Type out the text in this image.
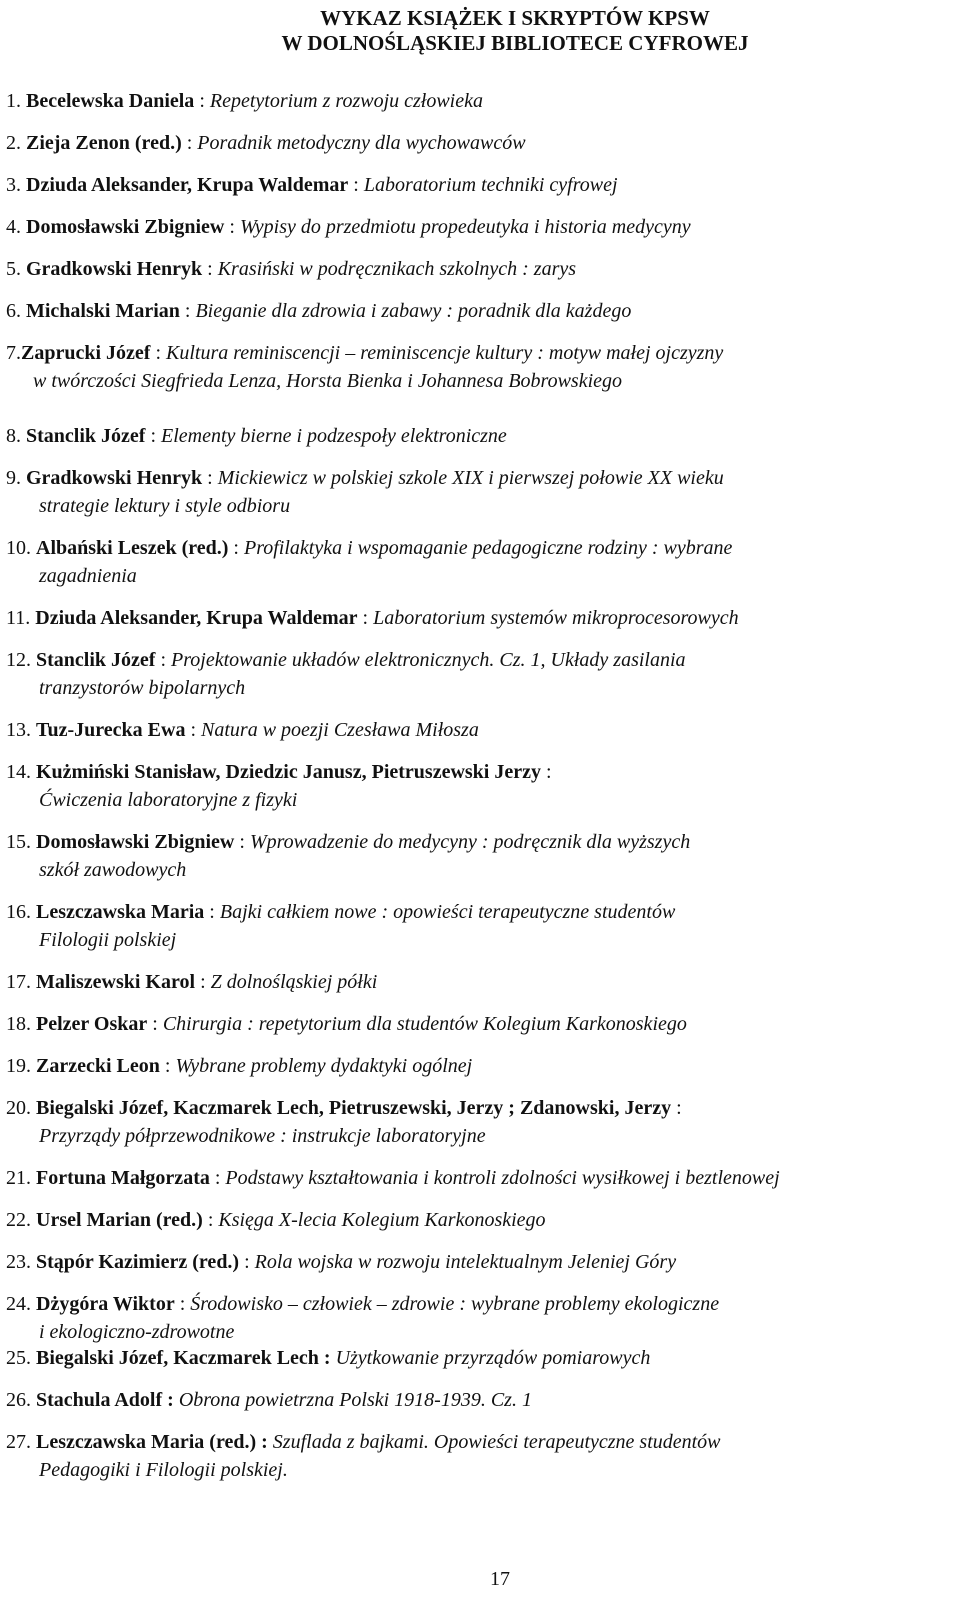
WYKAZ KSIĄŻEK I SKRYPTÓW KPSW
W DOLNOŚLĄSKIEJ BIBLIOTECE CYFROWEJ
1. Becelewska Daniela : Repetytorium z rozwoju człowieka
2. Zieja Zenon (red.) : Poradnik metodyczny dla wychowawców
3. Dziuda Aleksander, Krupa Waldemar : Laboratorium techniki cyfrowej
4. Domosławski Zbigniew : Wypisy do przedmiotu propedeutyka i historia medycyny
5. Gradkowski Henryk : Krasiński w podręcznikach szkolnych : zarys
6. Michalski Marian : Bieganie dla zdrowia i zabawy : poradnik dla każdego
7.Zaprucki Józef : Kultura reminiscencji – reminiscencje kultury : motyw małej ojczyzny
w twórczości Siegfrieda Lenza, Horsta Bienka i Johannesa Bobrowskiego
8. Stanclik Józef : Elementy bierne i podzespoły elektroniczne
9. Gradkowski Henryk : Mickiewicz w polskiej szkole XIX i pierwszej połowie XX wieku
strategie lektury i style odbioru
10. Albański Leszek (red.) : Profilaktyka i wspomaganie pedagogiczne rodziny : wybrane
zagadnienia
11. Dziuda Aleksander, Krupa Waldemar : Laboratorium systemów mikroprocesorowych
12. Stanclik Józef : Projektowanie układów elektronicznych. Cz. 1, Układy zasilania
tranzystorów bipolarnych
13. Tuz-Jurecka Ewa : Natura w poezji Czesława Miłosza
14. Kużmiński Stanisław, Dziedzic Janusz, Pietruszewski Jerzy :
Ćwiczenia laboratoryjne z fizyki
15. Domosławski Zbigniew : Wprowadzenie do medycyny : podręcznik dla wyższych
szkół zawodowych
16. Leszczawska Maria : Bajki całkiem nowe : opowieści terapeutyczne studentów
Filologii polskiej
17. Maliszewski Karol : Z dolnośląskiej półki
18. Pelzer Oskar : Chirurgia : repetytorium dla studentów Kolegium Karkonoskiego
19. Zarzecki Leon : Wybrane problemy dydaktyki ogólnej
20. Biegalski Józef, Kaczmarek Lech, Pietruszewski, Jerzy ; Zdanowski, Jerzy :
Przyrządy półprzewodnikowe : instrukcje laboratoryjne
21. Fortuna Małgorzata : Podstawy kształtowania i kontroli zdolności wysiłkowej i beztlenowej
22. Ursel Marian (red.) : Księga X-lecia Kolegium Karkonoskiego
23. Stąpór Kazimierz (red.) : Rola wojska w rozwoju intelektualnym Jeleniej Góry
24. Dżygóra Wiktor : Środowisko – człowiek – zdrowie : wybrane problemy ekologiczne
i ekologiczno-zdrowotne
25. Biegalski Józef, Kaczmarek Lech : Użytkowanie przyrządów pomiarowych
26. Stachula Adolf : Obrona powietrzna Polski 1918-1939. Cz. 1
27. Leszczawska Maria (red.) : Szuflada z bajkami. Opowieści terapeutyczne studentów
Pedagogiki i Filologii polskiej.
17
